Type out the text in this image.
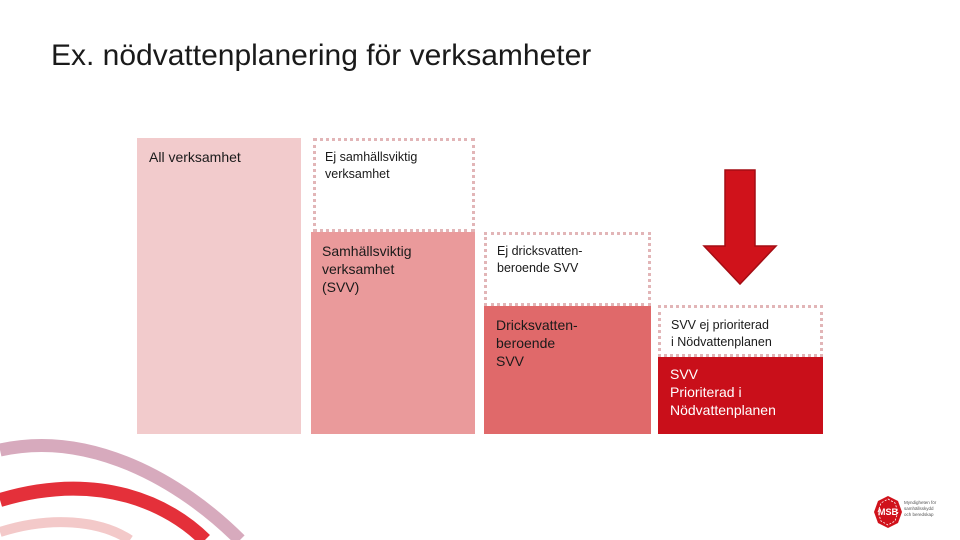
Ex. nödvattenplanering för verksamheter
All verksamhet	Ej samhällsviktig
verksamhet
Samhällsviktig
verksamhet
(SVV)
Ej dricksvatten-
beroende SVV
Dricksvatten-
beroende
SVV
SVV ej prioriterad
i Nödvattenplanen
SVV
Prioriterad i
Nödvattenplanen
MSB
Myndigheten för
samhällsskydd
och beredskap
